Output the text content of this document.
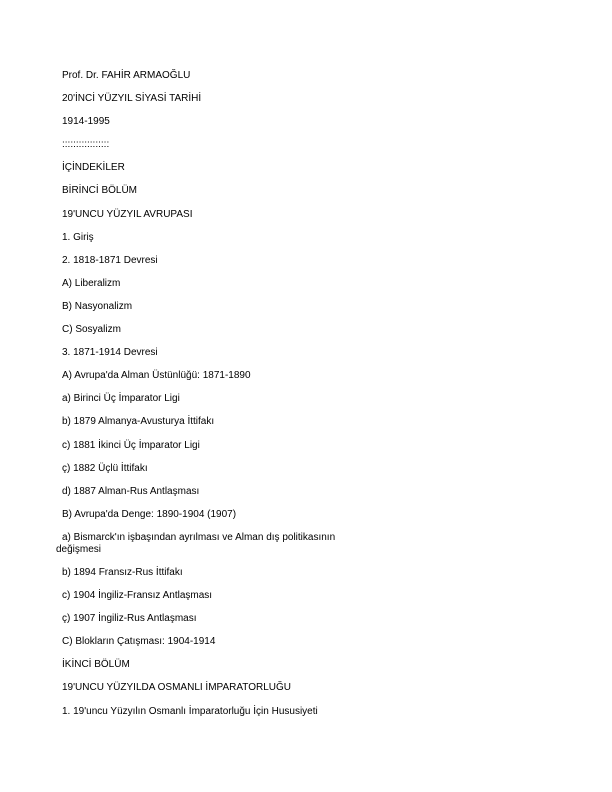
Prof. Dr. FAHİR ARMAOĞLU
20'İNCİ YÜZYIL SİYASİ TARİHİ
1914-1995
:::::::::::::::::
İÇİNDEKİLER
BİRİNCİ BÖLÜM
19'UNCU YÜZYIL AVRUPASI
1. Giriş
2. 1818-1871 Devresi
A) Liberalizm
B) Nasyonalizm
C) Sosyalizm
3. 1871-1914 Devresi
A) Avrupa'da Alman Üstünlüğü: 1871-1890
a) Birinci Üç İmparator Ligi
b) 1879 Almanya-Avusturya İttifakı
c) 1881 İkinci Üç İmparator Ligi
ç) 1882 Üçlü İttifakı
d) 1887 Alman-Rus Antlaşması
B) Avrupa'da Denge: 1890-1904 (1907)
a) Bismarck'ın işbaşından ayrılması ve Alman dış politikasının
değişmesi
b) 1894 Fransız-Rus İttifakı
c) 1904 İngiliz-Fransız Antlaşması
ç) 1907 İngiliz-Rus Antlaşması
C) Blokların Çatışması: 1904-1914
İKİNCİ BÖLÜM
19'UNCU YÜZYILDA OSMANLI İMPARATORLUĞU
1. 19'uncu Yüzyılın Osmanlı İmparatorluğu İçin Hususiyeti
